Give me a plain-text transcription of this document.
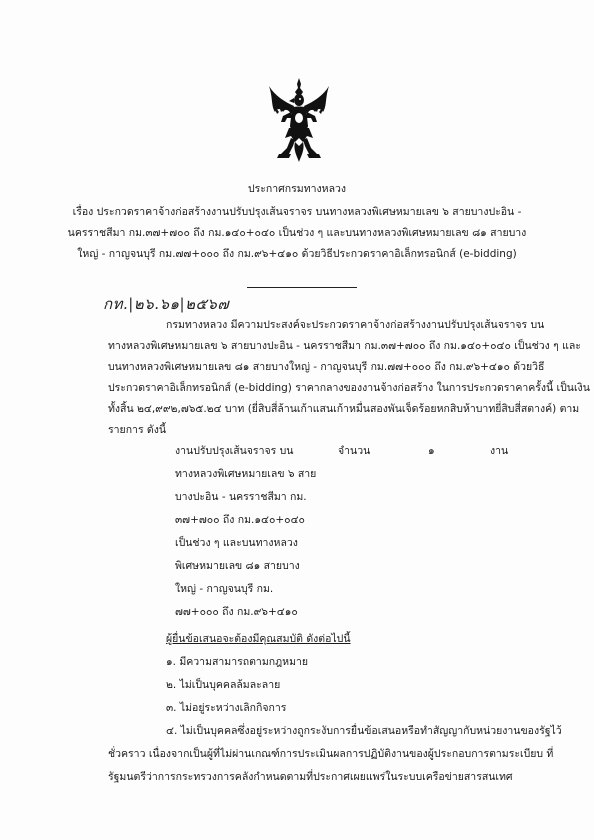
ประกาศกรมทางหลวง
เรื่อง ประกวดราคาจ้างก่อสร้างงานปรับปรุงเส้นจราจร บนทางหลวงพิเศษหมายเลข ๖ สายบางปะอิน -
นครราชสีมา กม.๓๗+๗๐๐ ถึง กม.๑๔๐+๐๔๐ เป็นช่วง ๆ และบนทางหลวงพิเศษหมายเลข ๘๑ สายบาง
ใหญ่ - กาญจนบุรี กม.๗๗+๐๐๐ ถึง กม.๙๖+๔๑๐ ด้วยวิธีประกวดราคาอิเล็กทรอนิกส์ (e-bidding)
กท.|๒๖.๖๑|๒๕๖๗
กรมทางหลวง มีความประสงค์จะประกวดราคาจ้างก่อสร้างงานปรับปรุงเส้นจราจร บน
ทางหลวงพิเศษหมายเลข ๖ สายบางปะอิน - นครราชสีมา กม.๓๗+๗๐๐ ถึง กม.๑๔๐+๐๔๐ เป็นช่วง ๆ และ
บนทางหลวงพิเศษหมายเลข ๘๑ สายบางใหญ่ - กาญจนบุรี กม.๗๗+๐๐๐ ถึง กม.๙๖+๔๑๐ ด้วยวิธี
ประกวดราคาอิเล็กทรอนิกส์ (e-bidding) ราคากลางของงานจ้างก่อสร้าง ในการประกวดราคาครั้งนี้ เป็นเงิน
ทั้งสิ้น ๒๔,๙๙๒,๗๖๕.๒๔ บาท (ยี่สิบสี่ล้านเก้าแสนเก้าหมื่นสองพันเจ็ดร้อยหกสิบห้าบาทยี่สิบสี่สตางค์) ตาม
รายการ ดังนี้
งานปรับปรุงเส้นจราจร บน
ทางหลวงพิเศษหมายเลข ๖ สาย
บางปะอิน - นครราชสีมา กม.
๓๗+๗๐๐ ถึง กม.๑๔๐+๐๔๐
เป็นช่วง ๆ และบนทางหลวง
พิเศษหมายเลข ๘๑ สายบาง
ใหญ่ - กาญจนบุรี กม.
๗๗+๐๐๐ ถึง กม.๙๖+๔๑๐
จำนวน	๑	งาน
ผู้ยื่นข้อเสนอจะต้องมีคุณสมบัติ ดังต่อไปนี้
๑. มีความสามารถตามกฎหมาย
๒. ไม่เป็นบุคคลล้มละลาย
๓. ไม่อยู่ระหว่างเลิกกิจการ
๔. ไม่เป็นบุคคลซึ่งอยู่ระหว่างถูกระงับการยื่นข้อเสนอหรือทำสัญญากับหน่วยงานของรัฐไว้
ชั่วคราว เนื่องจากเป็นผู้ที่ไม่ผ่านเกณฑ์การประเมินผลการปฏิบัติงานของผู้ประกอบการตามระเบียบ ที่
รัฐมนตรีว่าการกระทรวงการคลังกำหนดตามที่ประกาศเผยแพร่ในระบบเครือข่ายสารสนเทศ
